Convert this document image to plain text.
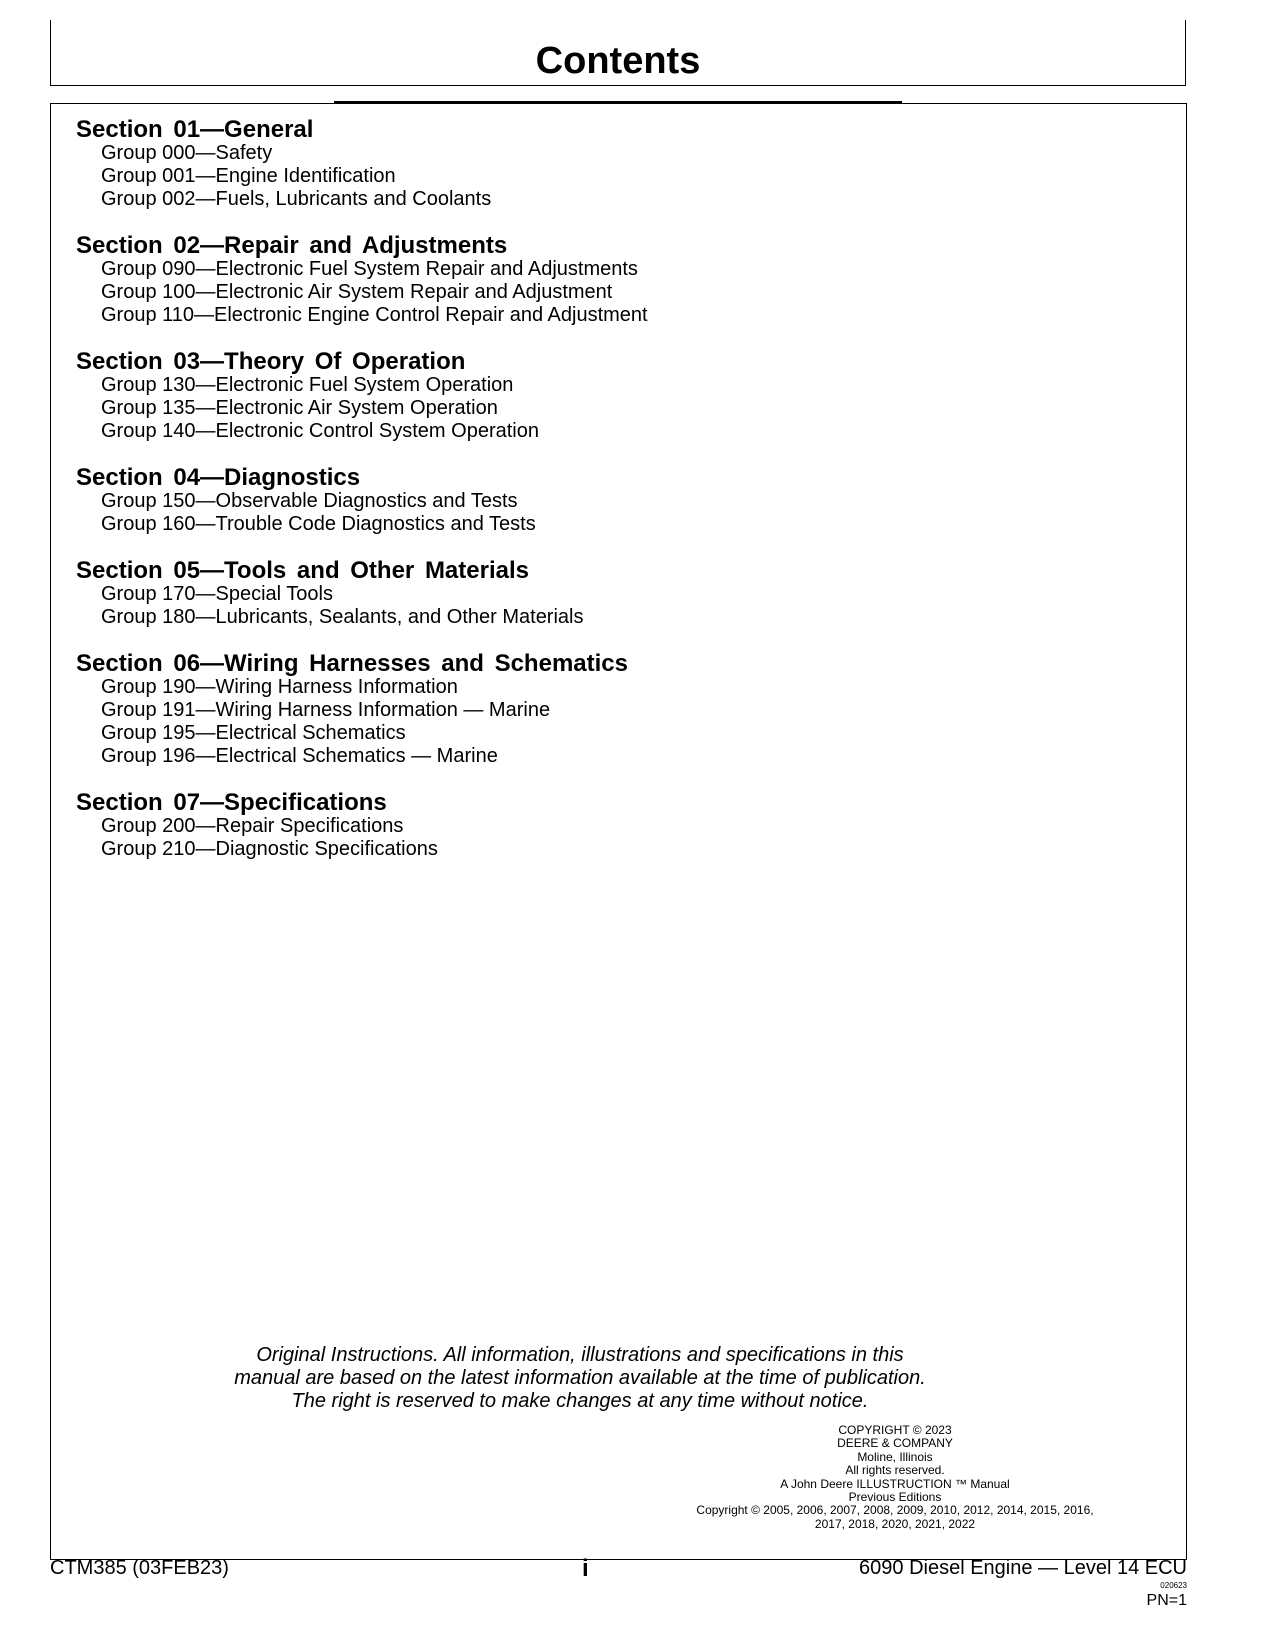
Contents
Section 01—General
Group 000—Safety
Group 001—Engine Identification
Group 002—Fuels, Lubricants and Coolants
Section 02—Repair and Adjustments
Group 090—Electronic Fuel System Repair and Adjustments
Group 100—Electronic Air System Repair and Adjustment
Group 110—Electronic Engine Control Repair and Adjustment
Section 03—Theory Of Operation
Group 130—Electronic Fuel System Operation
Group 135—Electronic Air System Operation
Group 140—Electronic Control System Operation
Section 04—Diagnostics
Group 150—Observable Diagnostics and Tests
Group 160—Trouble Code Diagnostics and Tests
Section 05—Tools and Other Materials
Group 170—Special Tools
Group 180—Lubricants, Sealants, and Other Materials
Section 06—Wiring Harnesses and Schematics
Group 190—Wiring Harness Information
Group 191—Wiring Harness Information — Marine
Group 195—Electrical Schematics
Group 196—Electrical Schematics — Marine
Section 07—Specifications
Group 200—Repair Specifications
Group 210—Diagnostic Specifications
Original Instructions. All information, illustrations and specifications in this
manual are based on the latest information available at the time of publication.
The right is reserved to make changes at any time without notice.
COPYRIGHT © 2023
DEERE & COMPANY
Moline, Illinois
All rights reserved.
A John Deere ILLUSTRUCTION ™ Manual
Previous Editions
Copyright © 2005, 2006, 2007, 2008, 2009, 2010, 2012, 2014, 2015, 2016,
2017, 2018, 2020, 2021, 2022
CTM385 (03FEB23)	i	6090 Diesel Engine — Level 14 ECU
020623
PN=1
